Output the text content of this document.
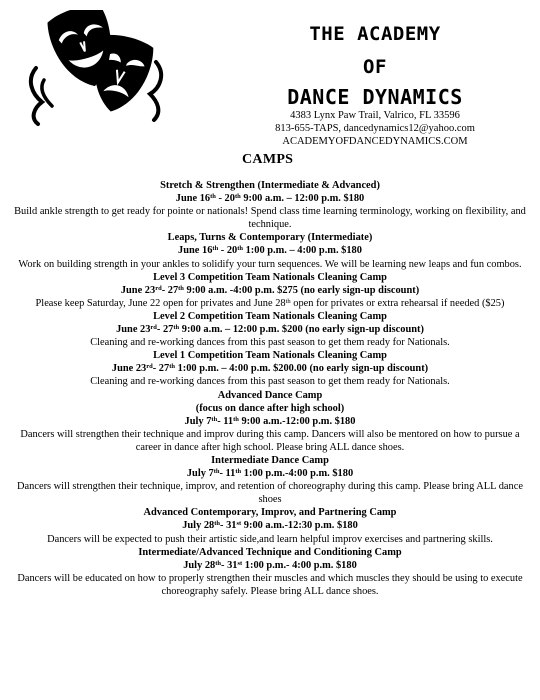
THE ACADEMY
OF
DANCE DYNAMICS
4383 Lynx Paw Trail, Valrico, FL 33596
813-655-TAPS, dancedynamics12@yahoo.com
ACADEMYOFDANCEDYNAMICS.COM
CAMPS
Stretch & Strengthen (Intermediate & Advanced)
June 16th - 20th 9:00 a.m. – 12:00 p.m. $180
Build ankle strength to get ready for pointe or nationals! Spend class time learning terminology, working on flexibility, and technique.
Leaps, Turns & Contemporary (Intermediate)
June 16th - 20th 1:00 p.m. – 4:00 p.m. $180
Work on building strength in your ankles to solidify your turn sequences. We will be learning new leaps and fun combos.
Level 3 Competition Team Nationals Cleaning Camp
June 23rd- 27th 9:00 a.m. -4:00 p.m. $275 (no early sign-up discount)
Please keep Saturday, June 22 open for privates and June 28th open for privates or extra rehearsal if needed ($25)
Level 2 Competition Team Nationals Cleaning Camp
June 23rd- 27th 9:00 a.m. – 12:00 p.m. $200 (no early sign-up discount)
Cleaning and re-working dances from this past season to get them ready for Nationals.
Level 1 Competition Team Nationals Cleaning Camp
June 23rd- 27th 1:00 p.m. – 4:00 p.m. $200.00 (no early sign-up discount)
Cleaning and re-working dances from this past season to get them ready for Nationals.
Advanced Dance Camp
(focus on dance after high school)
July 7th- 11th 9:00 a.m.-12:00 p.m. $180
Dancers will strengthen their technique and improv during this camp. Dancers will also be mentored on how to pursue a career in dance after high school. Please bring ALL dance shoes.
Intermediate Dance Camp
July 7th- 11th 1:00 p.m.-4:00 p.m. $180
Dancers will strengthen their technique, improv, and retention of choreography during this camp. Please bring ALL dance shoes
Advanced Contemporary, Improv, and Partnering Camp
July 28th- 31st 9:00 a.m.-12:30 p.m. $180
Dancers will be expected to push their artistic side,and learn helpful improv exercises and partnering skills.
Intermediate/Advanced Technique and Conditioning Camp
July 28th- 31st 1:00 p.m.- 4:00 p.m. $180
Dancers will be educated on how to properly strengthen their muscles and which muscles they should be using to execute choreography safely. Please bring ALL dance shoes.
